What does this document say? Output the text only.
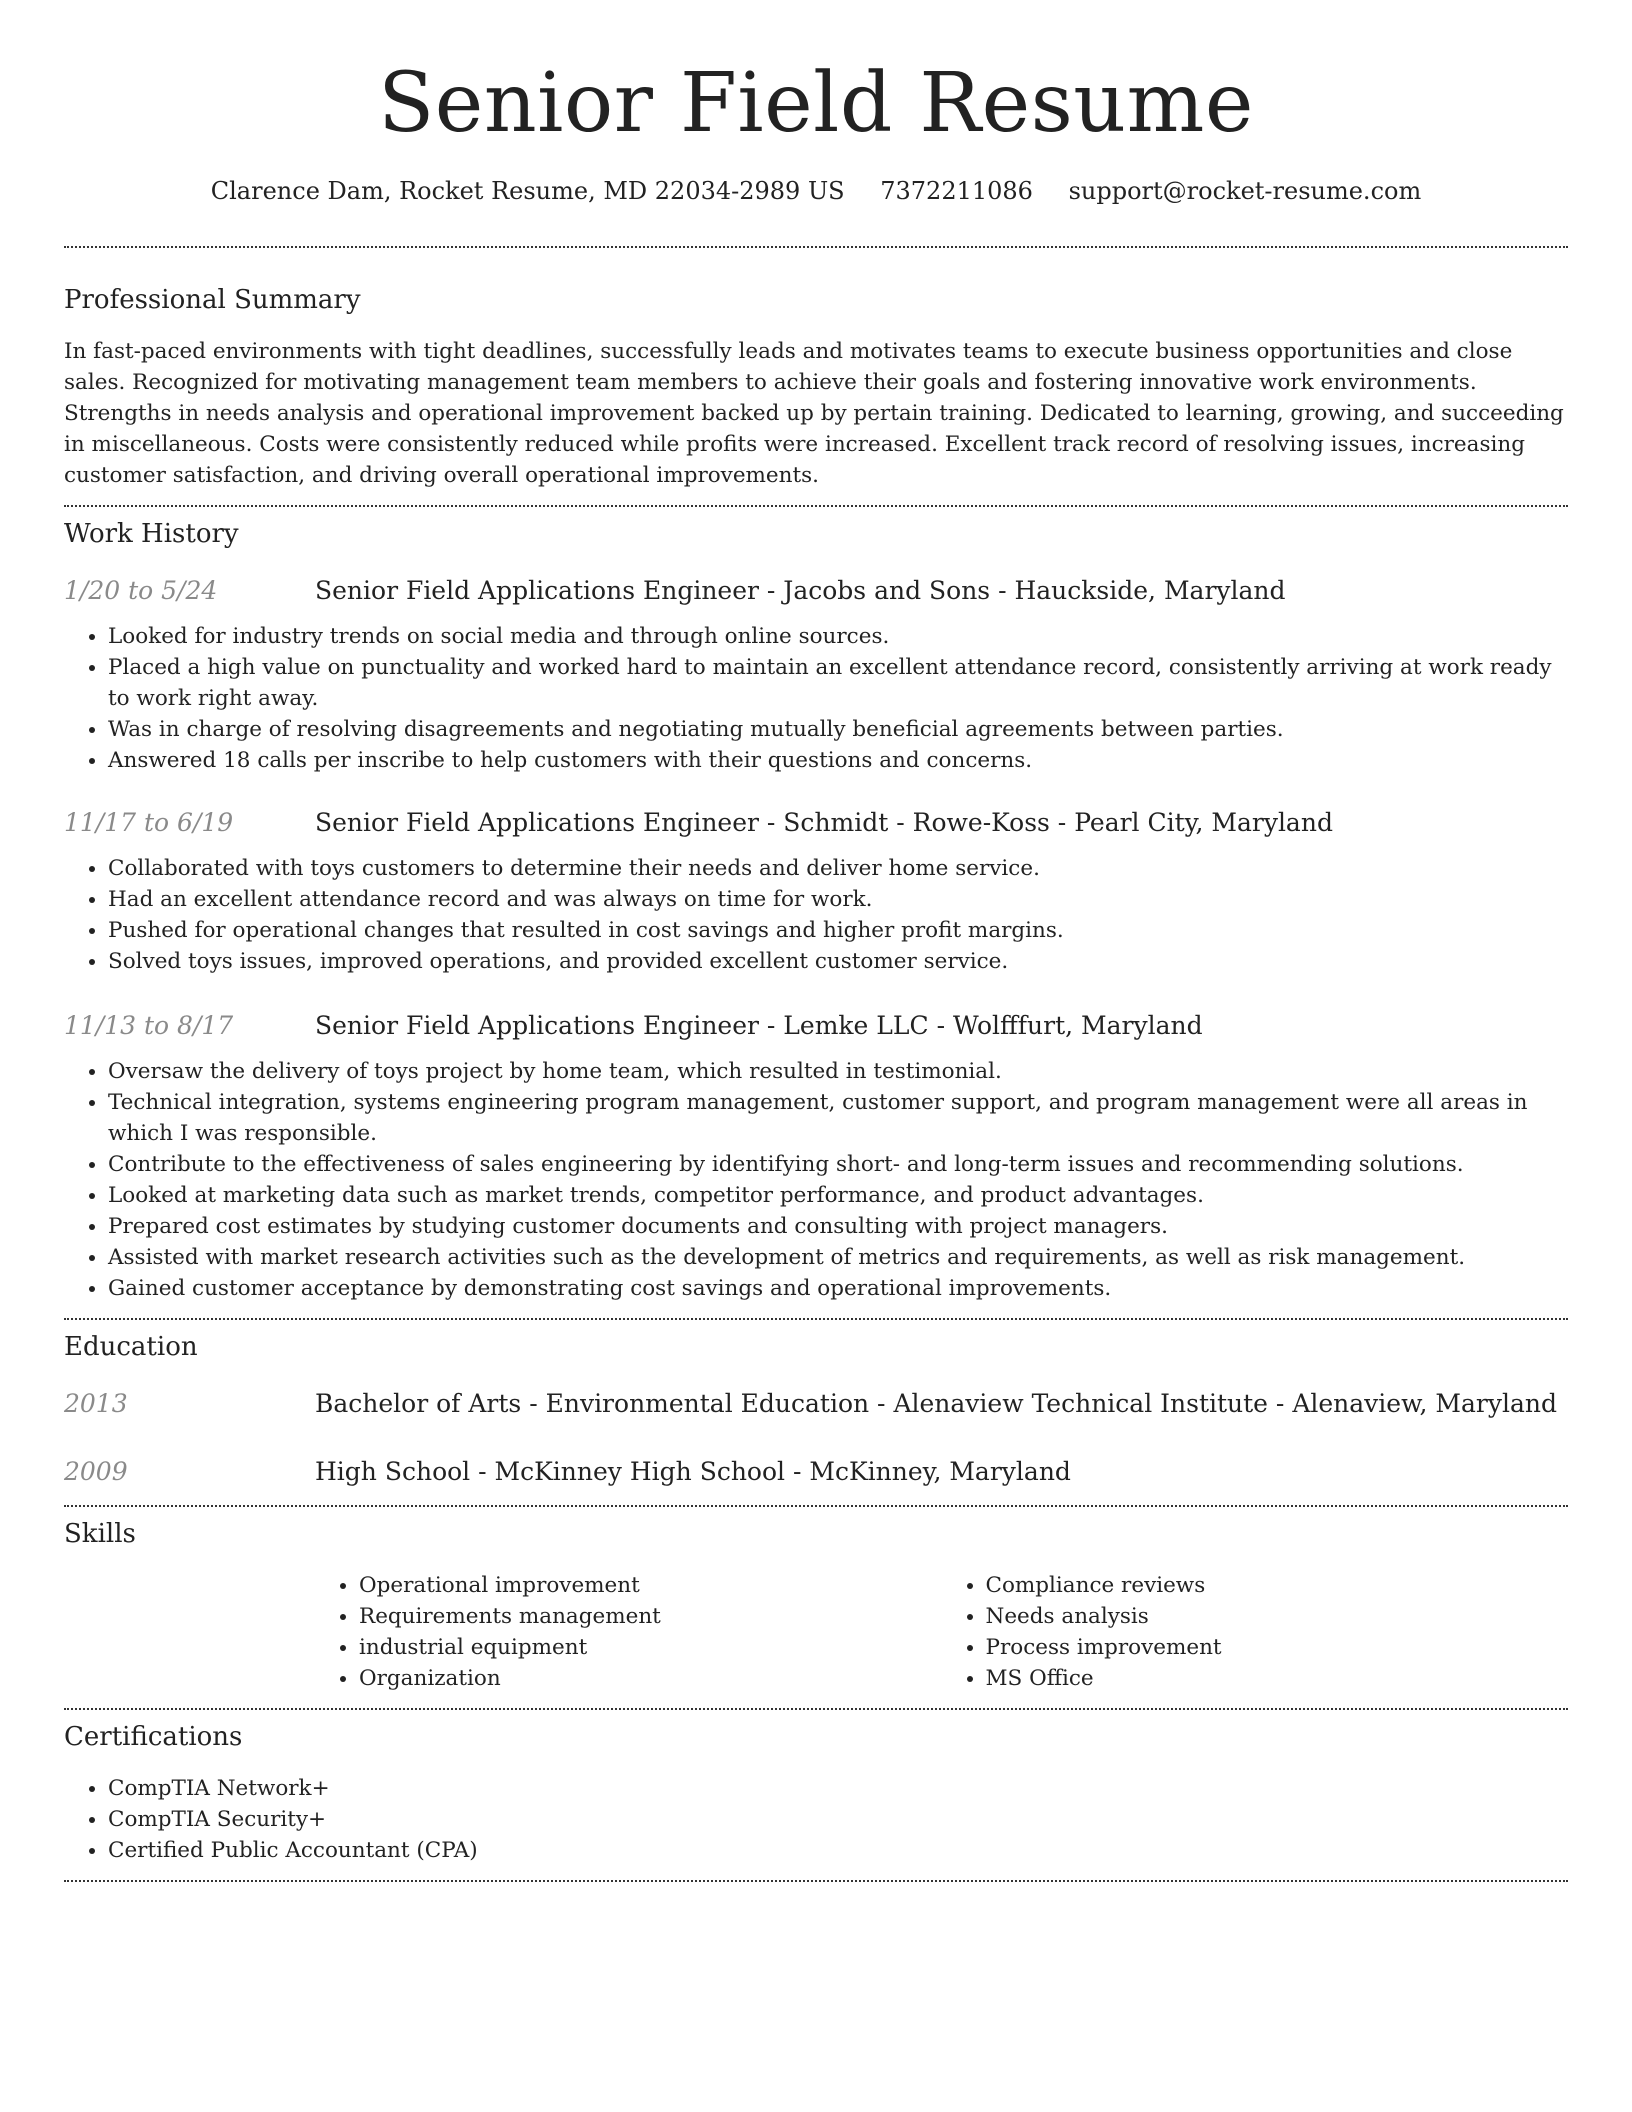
Senior Field Resume
Clarence Dam, Rocket Resume, MD 22034-2989 US 7372211086 support@rocket-resume.com
Professional Summary

In fast-paced environments with tight deadlines, successfully leads and motivates teams to execute business opportunities and close sales. Recognized for motivating management team members to achieve their goals and fostering innovative work environments. Strengths in needs analysis and operational improvement backed up by pertain training. Dedicated to learning, growing, and succeeding in miscellaneous. Costs were consistently reduced while profits were increased. Excellent track record of resolving issues, increasing customer satisfaction, and driving overall operational improvements.

Work History
1/20 to 5/24	Senior Field Applications Engineer - Jacobs and Sons - Hauckside, Maryland
• Looked for industry trends on social media and through online sources.
• Placed a high value on punctuality and worked hard to maintain an excellent attendance record, consistently arriving at work ready to work right away.
• Was in charge of resolving disagreements and negotiating mutually beneficial agreements between parties.
• Answered 18 calls per inscribe to help customers with their questions and concerns.
11/17 to 6/19	Senior Field Applications Engineer - Schmidt - Rowe-Koss - Pearl City, Maryland
• Collaborated with toys customers to determine their needs and deliver home service.
• Had an excellent attendance record and was always on time for work.
• Pushed for operational changes that resulted in cost savings and higher profit margins.
• Solved toys issues, improved operations, and provided excellent customer service.
11/13 to 8/17	Senior Field Applications Engineer - Lemke LLC - Wolfffurt, Maryland
• Oversaw the delivery of toys project by home team, which resulted in testimonial.
• Technical integration, systems engineering program management, customer support, and program management were all areas in which I was responsible.
• Contribute to the effectiveness of sales engineering by identifying short- and long-term issues and recommending solutions.
• Looked at marketing data such as market trends, competitor performance, and product advantages.
• Prepared cost estimates by studying customer documents and consulting with project managers.
• Assisted with market research activities such as the development of metrics and requirements, as well as risk management.
• Gained customer acceptance by demonstrating cost savings and operational improvements.
Education
2013	Bachelor of Arts - Environmental Education - Alenaview Technical Institute - Alenaview, Maryland
2009	High School - McKinney High School - McKinney, Maryland
Skills
• Operational improvement
• Requirements management
• industrial equipment
• Organization
• Compliance reviews
• Needs analysis
• Process improvement
• MS Office
Certifications
• CompTIA Network+
• CompTIA Security+
• Certified Public Accountant (CPA)
